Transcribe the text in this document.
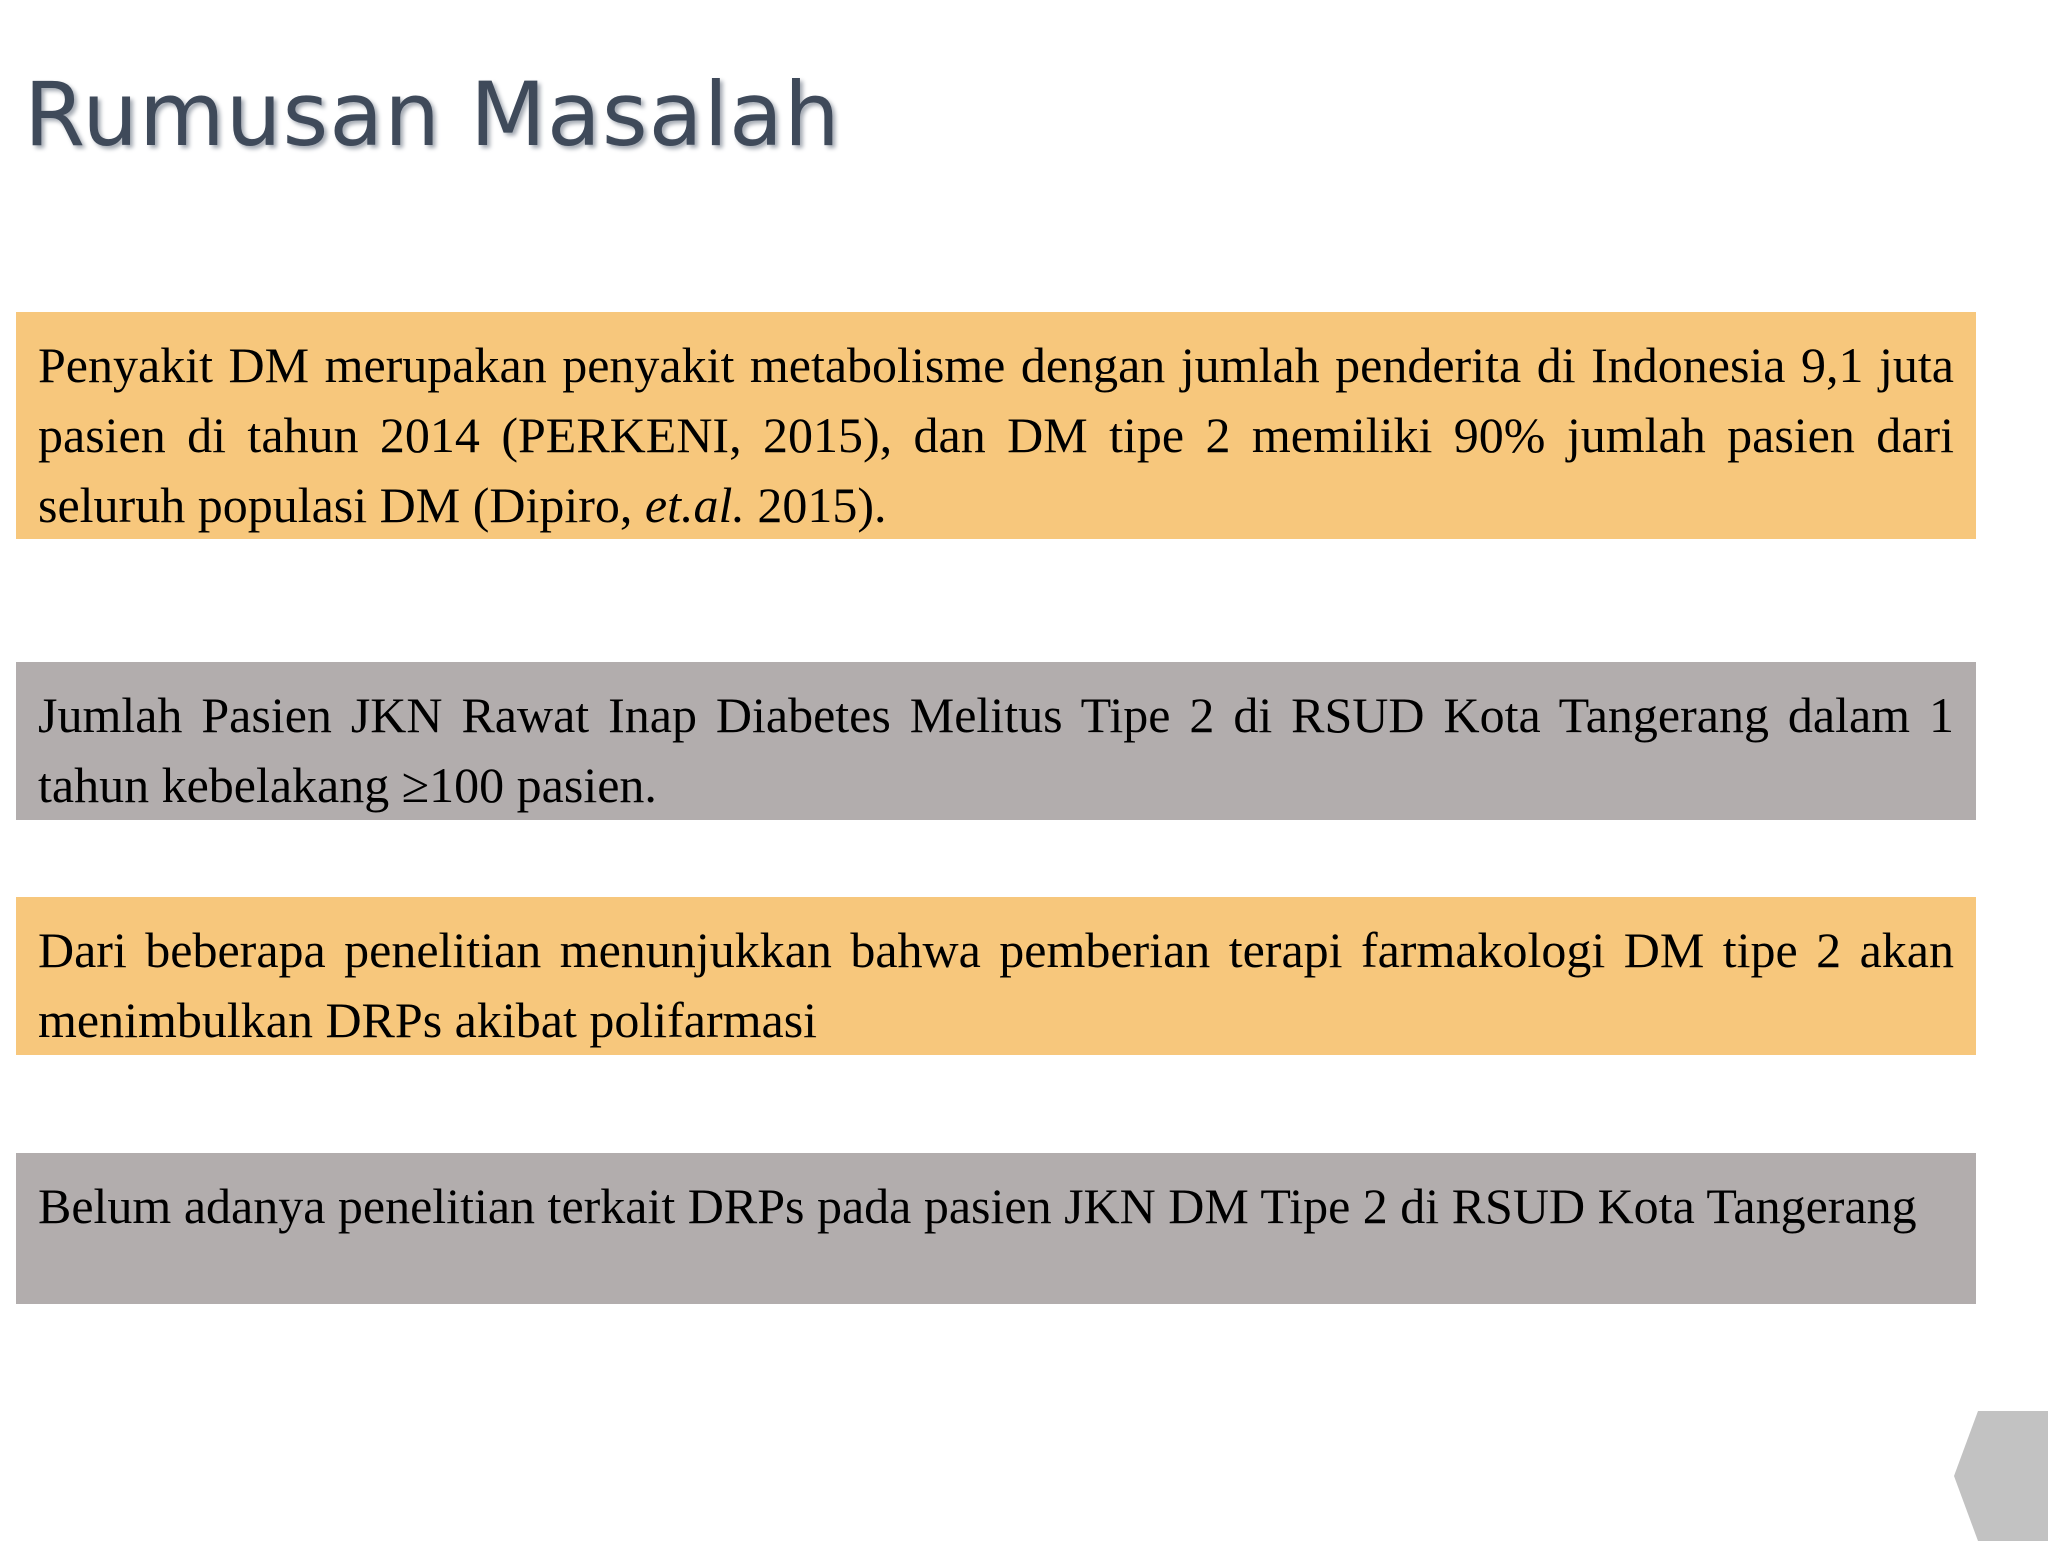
Rumusan Masalah
Penyakit DM merupakan penyakit metabolisme dengan jumlah penderita di Indonesia 9,1 juta pasien di tahun 2014 (PERKENI, 2015), dan DM tipe 2 memiliki 90% jumlah pasien dari seluruh populasi DM (Dipiro, et.al. 2015).
Jumlah Pasien JKN Rawat Inap Diabetes Melitus Tipe 2 di RSUD Kota Tangerang dalam 1 tahun kebelakang ≥100 pasien.
Dari beberapa penelitian menunjukkan bahwa pemberian terapi farmakologi DM tipe 2 akan menimbulkan DRPs akibat polifarmasi
Belum adanya penelitian terkait DRPs pada pasien JKN DM Tipe 2 di RSUD Kota Tangerang
